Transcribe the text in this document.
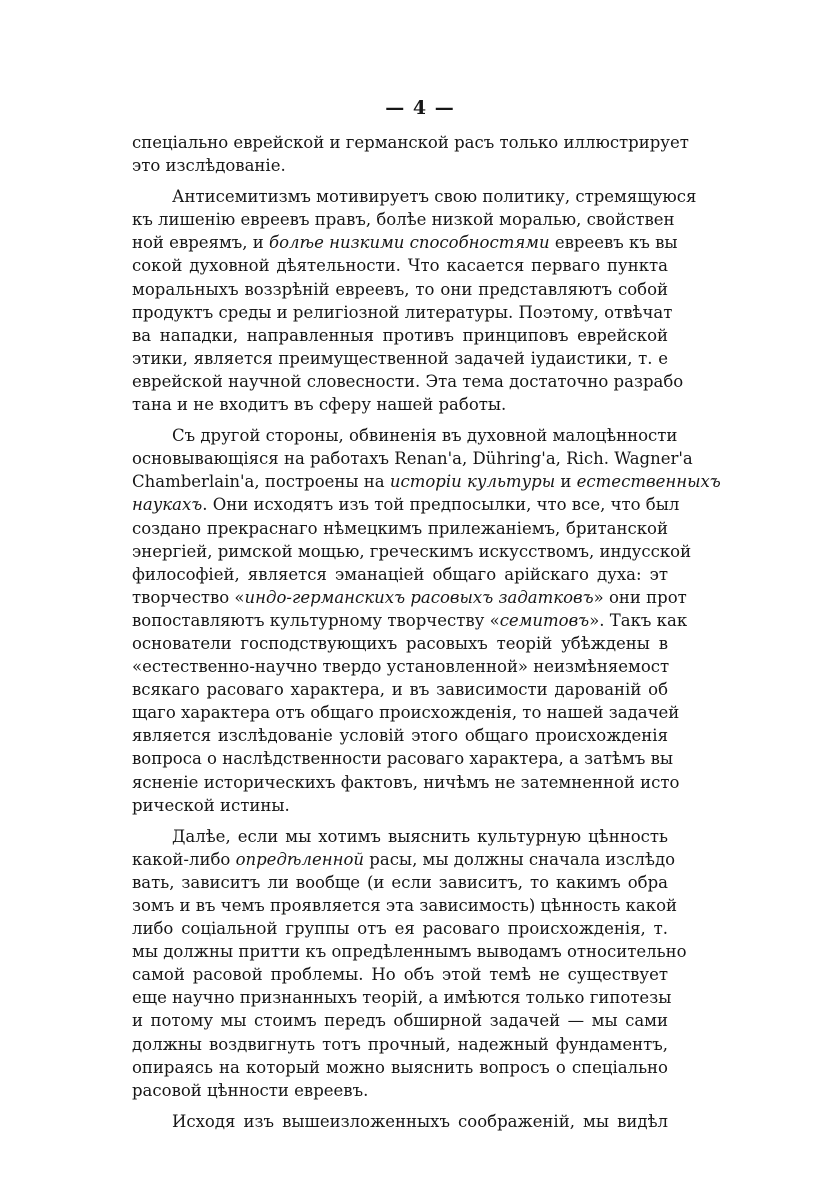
— 4 —
спеціально еврейской и германской расъ только иллюстрирует
это изслѣдованіе.
Антисемитизмъ мотивируетъ свою политику, стремящуюся
къ лишенію евреевъ правъ, болѣе низкой моралью, свойствен
ной евреямъ, и болѣе низкими способностями евреевъ къ вы
сокой духовной дѣятельности. Что касается перваго пункта
моральныхъ воззрѣній евреевъ, то они представляютъ собой
продуктъ среды и религіозной литературы. Поэтому, отвѣчат
ва нападки, направленныя противъ принциповъ еврейской
этики, является преимущественной задачей іудаистики, т. е
еврейской научной словесности. Эта тема достаточно разрабо
тана и не входитъ въ сферу нашей работы.
Съ другой стороны, обвиненія въ духовной малоцѣнности
основывающіяся на работахъ Renan'a, Dühring'a, Rich. Wagner'a
Chamberlain'a, построены на исторіи культуры и естественныхъ
наукахъ. Они исходятъ изъ той предпосылки, что все, что был
создано прекраснаго нѣмецкимъ прилежаніемъ, британской
энергіей, римской мощью, греческимъ искусствомъ, индусской
философіей, является эманаціей общаго арійскаго духа: эт
творчество «индо-германскихъ расовыхъ задатковъ» они прот
вопоставляютъ культурному творчеству «семитовъ». Такъ как
основатели господствующихъ расовыхъ теорій убѣждены в
«естественно-научно твердо установленной» неизмѣняемост
всякаго расоваго характера, и въ зависимости дарованій об
щаго характера отъ общаго происхожденія, то нашей задачей
является изслѣдованіе условій этого общаго происхожденія
вопроса о наслѣдственности расоваго характера, а затѣмъ вы
ясненіе историческихъ фактовъ, ничѣмъ не затемненной исто
рической истины.
Далѣе, если мы хотимъ выяснить культурную цѣнность
какой-либо опредѣленной расы, мы должны сначала изслѣдо
вать, зависитъ ли вообще (и если зависитъ, то какимъ обра
зомъ и въ чемъ проявляется эта зависимость) цѣнность какой
либо соціальной группы отъ ея расоваго происхожденія, т.
мы должны притти къ опредѣленнымъ выводамъ относительно
самой расовой проблемы. Но объ этой темѣ не существует
еще научно признанныхъ теорій, а имѣются только гипотезы
и потому мы стоимъ передъ обширной задачей — мы сами
должны воздвигнуть тотъ прочный, надежный фундаментъ,
опираясь на который можно выяснить вопросъ о спеціально
расовой цѣнности евреевъ.
Исходя изъ вышеизложенныхъ соображеній, мы видѣл
